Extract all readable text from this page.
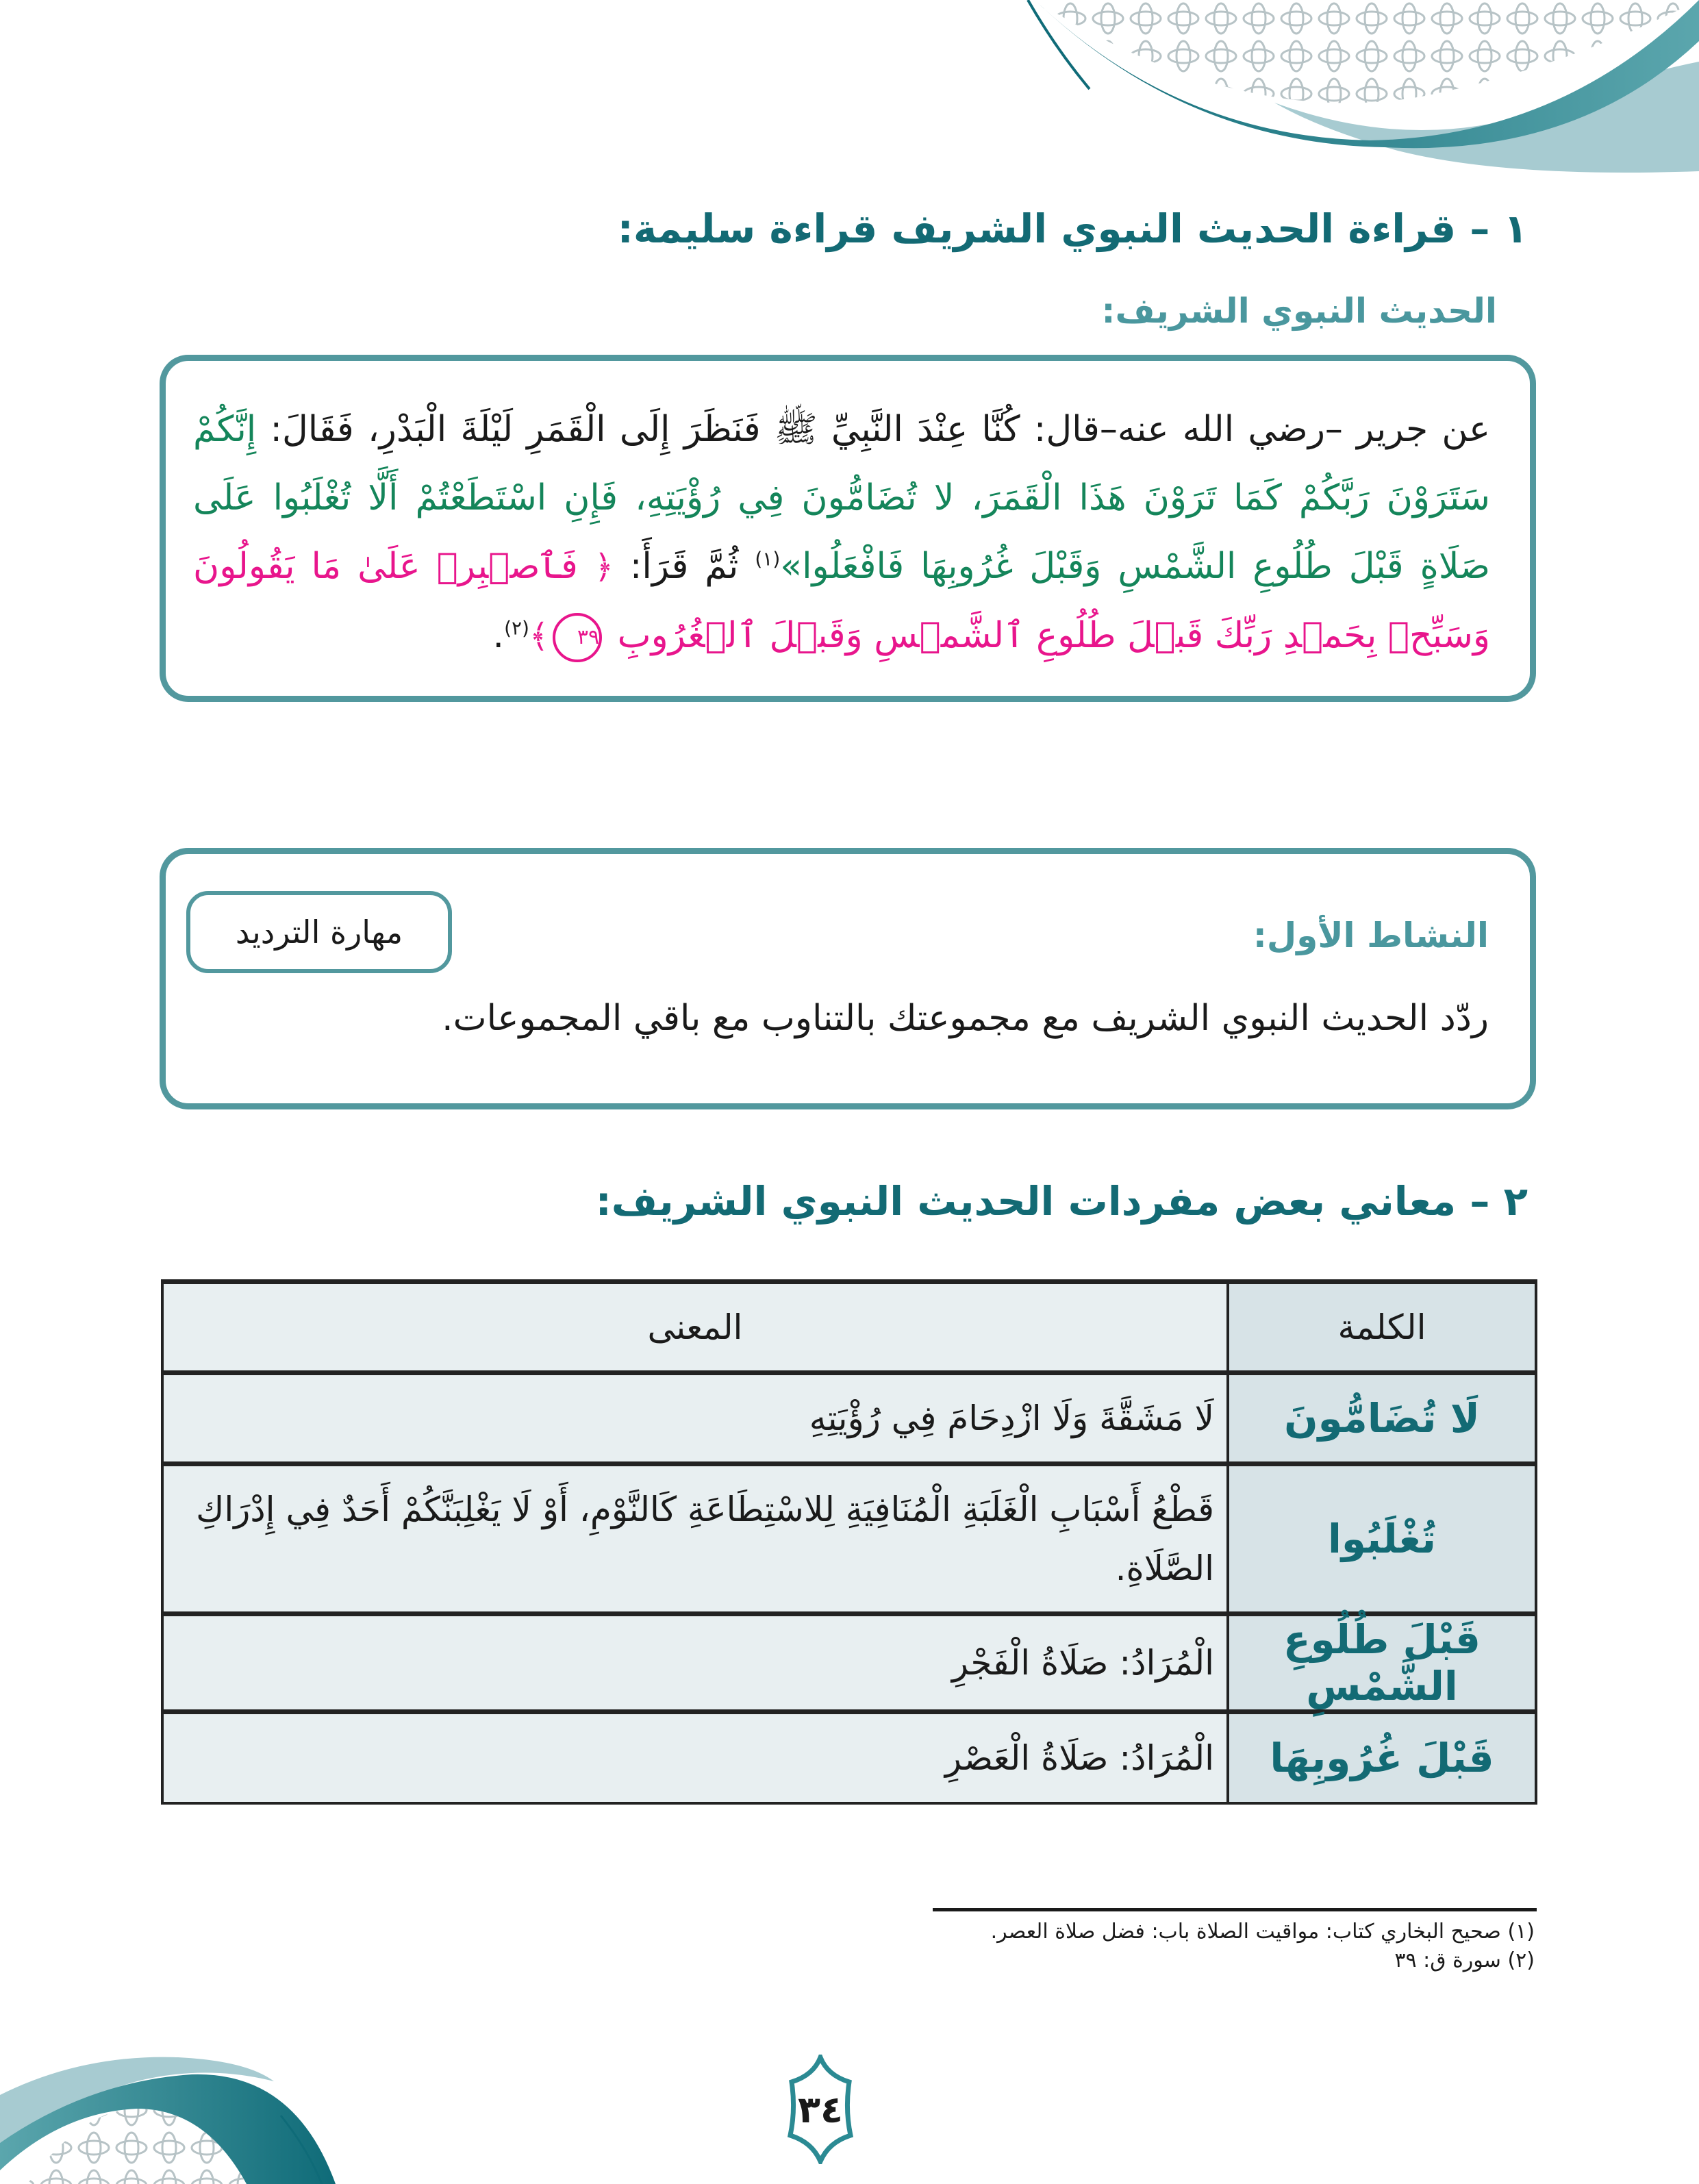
١ – قراءة الحديث النبوي الشريف قراءة سليمة:
الحديث النبوي الشريف:
عن جرير –رضي الله عنه–قال: كُنَّا عِنْدَ النَّبِيِّ ﷺ فَنَظَرَ إِلَى الْقَمَرِ لَيْلَةَ الْبَدْرِ، فَقَالَ: إِنَّكُمْ سَتَرَوْنَ رَبَّكُمْ كَمَا تَرَوْنَ هَذَا الْقَمَرَ، لا تُضَامُّونَ فِي رُؤْيَتِهِ، فَإِنِ اسْتَطَعْتُمْ أَلَّا تُغْلَبُوا عَلَى صَلَاةٍ قَبْلَ طُلُوعِ الشَّمْسِ وَقَبْلَ غُرُوبِهَا فَافْعَلُوا»$^{(١)}$ ثُمَّ قَرَأَ: ﴿ فَٱصۡبِرۡ عَلَىٰ مَا يَقُولُونَ وَسَبِّحۡ بِحَمۡدِ رَبِّكَ قَبۡلَ طُلُوعِ ٱلشَّمۡسِ وَقَبۡلَ ٱلۡغُرُوبِ ٣٩﴾$^{(٢)}$.
النشاط الأول:
مهارة الترديد
ردّد الحديث النبوي الشريف مع مجموعتك بالتناوب مع باقي المجموعات.
٢ – معاني بعض مفردات الحديث النبوي الشريف:
الكلمة	المعنى
لَا تُضَامُّونَ	لَا مَشَقَّةَ وَلَا ازْدِحَامَ فِي رُؤْيَتِهِ
تُغْلَبُوا	قَطْعُ أَسْبَابِ الْغَلَبَةِ الْمُنَافِيَةِ لِلاسْتِطَاعَةِ كَالنَّوْمِ، أَوْ لَا يَغْلِبَنَّكُمْ أَحَدٌ فِي إِدْرَاكِ الصَّلَاةِ.
قَبْلَ طُلُوعِ الشَّمْسِ	الْمُرَادُ: صَلَاةُ الْفَجْرِ
قَبْلَ غُرُوبِهَا	الْمُرَادُ: صَلَاةُ الْعَصْرِ
(١) صحيح البخاري كتاب: مواقيت الصلاة باب: فضل صلاة العصر.
(٢) سورة ق: ٣٩
٣٤
